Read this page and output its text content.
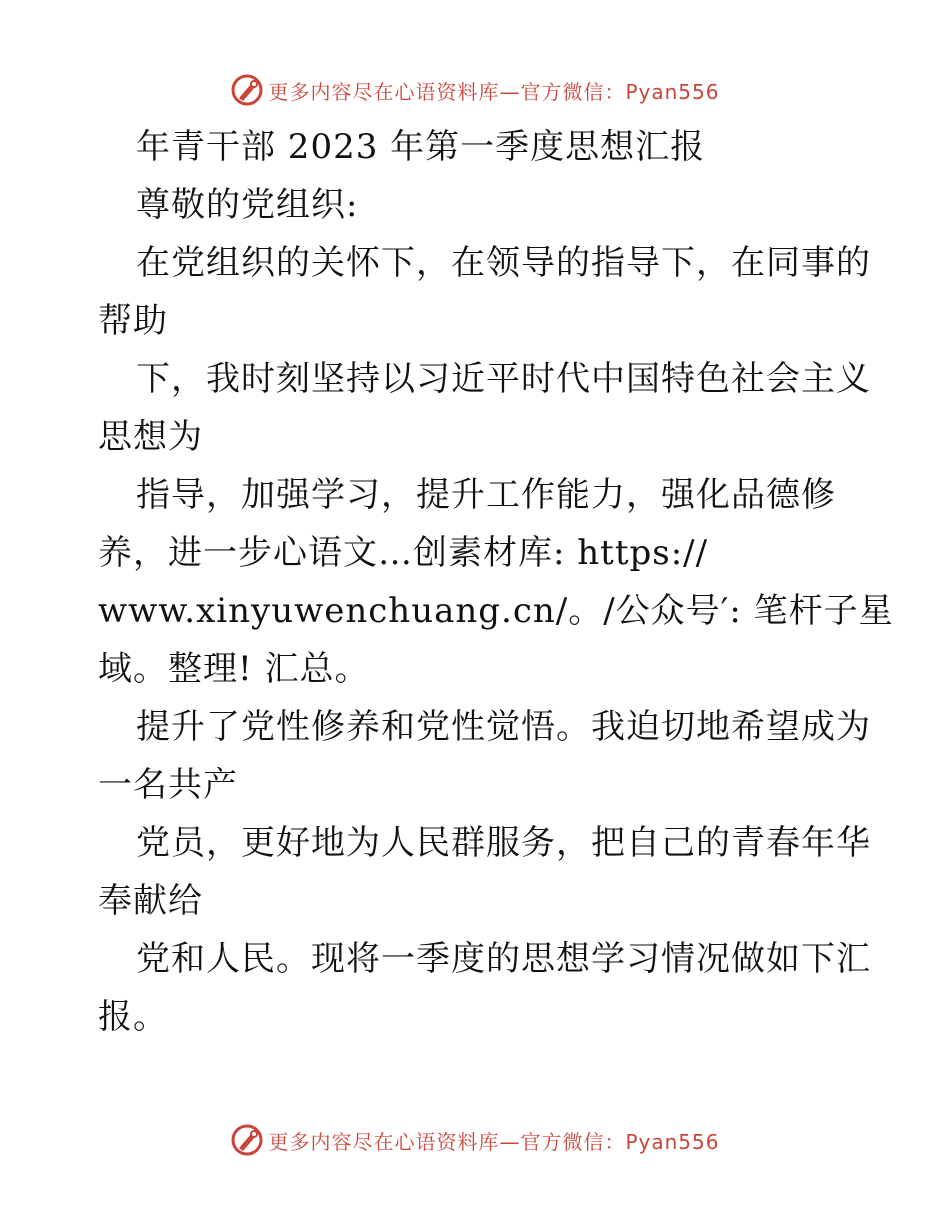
更多内容尽在心语资料库—官方微信：Pyan556
年青干部 2023 年第一季度思想汇报
尊敬的党组织:
在党组织的关怀下，在领导的指导下，在同事的
帮助
下，我时刻坚持以习近平时代中国特色社会主义
思想为
指导，加强学习，提升工作能力，强化品德修
养，进一步心语文…创素材库: https://
www.xinyuwenchuang.cn/。/公众号′: 笔杆子星
域。整理! 汇总。
提升了党性修养和党性觉悟。我迫切地希望成为
一名共产
党员，更好地为人民群服务，把自己的青春年华
奉献给
党和人民。现将一季度的思想学习情况做如下汇
报。
更多内容尽在心语资料库—官方微信：Pyan556
